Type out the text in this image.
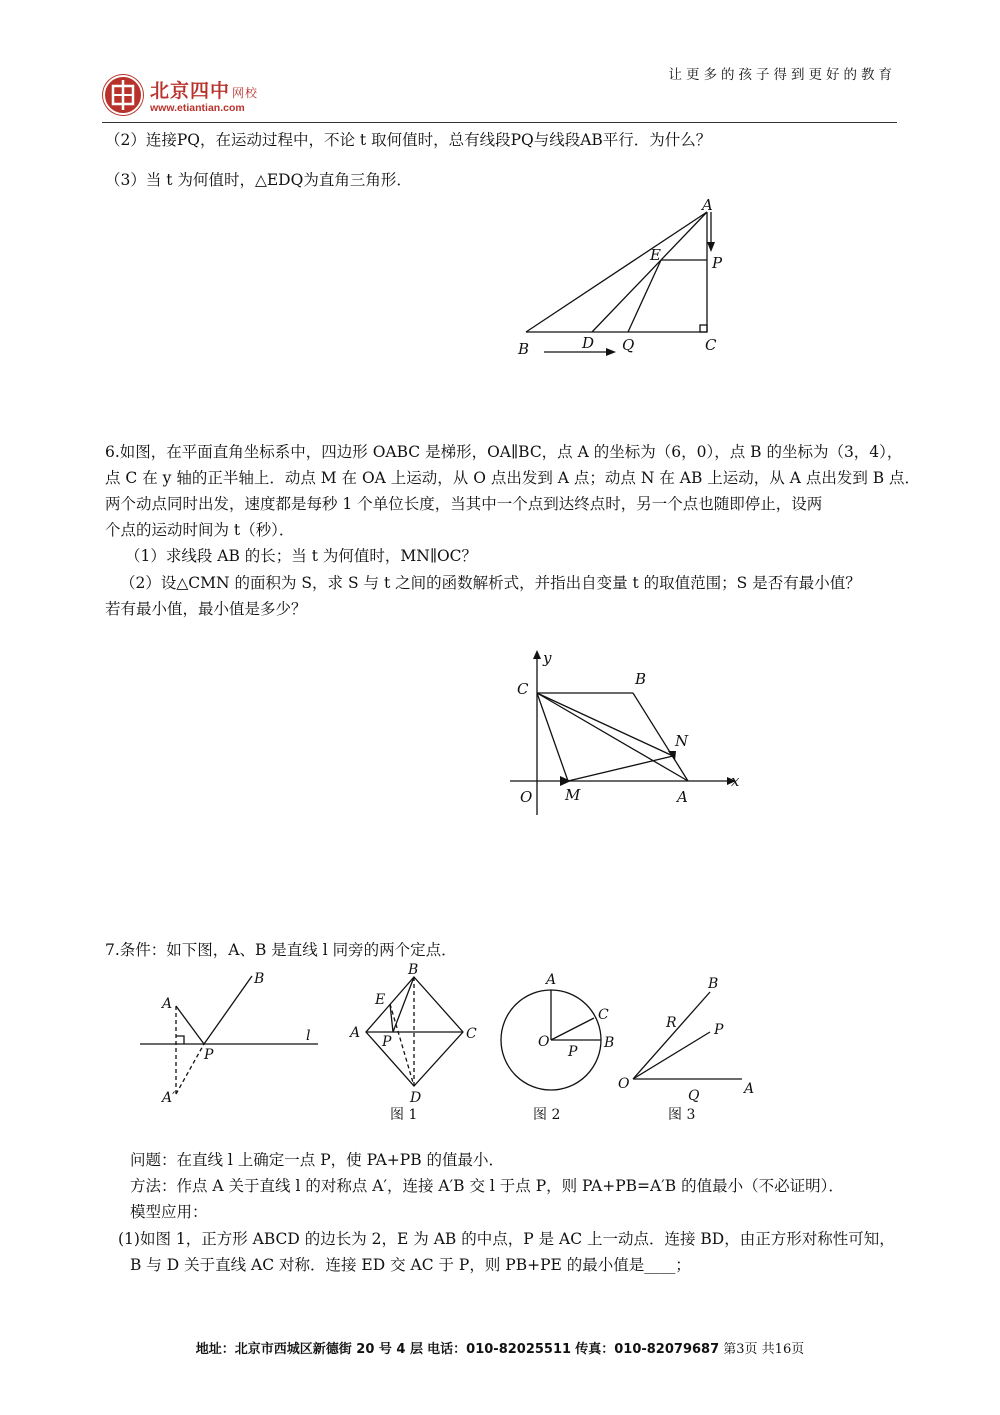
北京四中 网校
www.etiantian.com
让更多的孩子得到更好的教育
（2）连接PQ，在运动过程中，不论 t 取何值时，总有线段PQ与线段AB平行．为什么？
（3）当 t 为何值时，△EDQ为直角三角形．
A
B	C
D
E	P
Q
6.如图，在平面直角坐标系中，四边形 OABC 是梯形，OA∥BC，点 A 的坐标为（6，0），点 B 的坐标为（3，4），
点 C 在 y 轴的正半轴上．动点 M 在 OA 上运动，从 O 点出发到 A 点；动点 N 在 AB 上运动，从 A 点出发到 B 点．
两个动点同时出发，速度都是每秒 1 个单位长度，当其中一个点到达终点时，另一个点也随即停止，设两
个点的运动时间为 t（秒）．
（1）求线段 AB 的长；当 t 为何值时，MN∥OC？
（2）设△CMN 的面积为 S，求 S 与 t 之间的函数解析式，并指出自变量 t 的取值范围；S 是否有最小值？
若有最小值，最小值是多少？
y
x
C
B
N
O M	A
7.条件：如下图，A、B 是直线 l 同旁的两个定点．
A
B
l
P
A′
B
E
A	C
P
D
图 1
A
O
C
B
P
图 2
B
R	P
O
Q	A
图 3
问题：在直线 l 上确定一点 P，使 PA+PB 的值最小．
方法：作点 A 关于直线 l 的对称点 A′，连接 A′B 交 l 于点 P，则 PA+PB=A′B 的值最小（不必证明）．
模型应用：
(1)如图 1，正方形 ABCD 的边长为 2，E 为 AB 的中点，P 是 AC 上一动点．连接 BD，由正方形对称性可知，
B 与 D 关于直线 AC 对称．连接 ED 交 AC 于 P，则 PB+PE 的最小值是____；
地址：北京市西城区新德街 20 号 4 层 电话：010-82025511 传真：010-82079687 第3页 共16页
